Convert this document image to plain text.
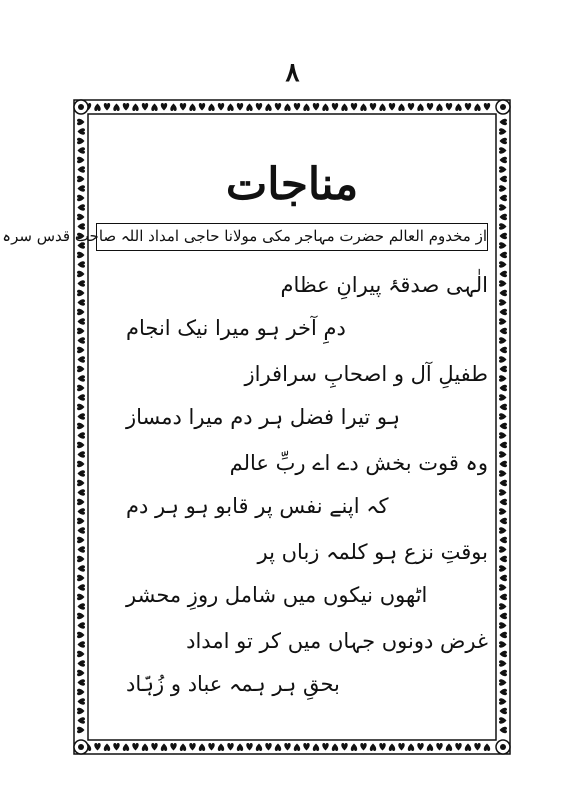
۸
مناجات
از مخدوم العالم حضرت مہاجر مکی مولانا حاجی امداد اللہ صاحب قدس سرہ
الٰہی صدقۂ پیرانِ عظام
دمِ آخر ہو میرا نیک انجام
طفیلِ آل و اصحابِ سرافراز
ہو تیرا فضل ہر دم میرا دمساز
وہ قوت بخش دے اے ربِّ عالم
کہ اپنے نفس پر قابو ہو ہر دم
بوقتِ نزع ہو کلمہ زباں پر
اٹھوں نیکوں میں شامل روزِ محشر
غرض دونوں جہاں میں کر تو امداد
بحقِ ہر ہمہ عباد و زُہّاد
